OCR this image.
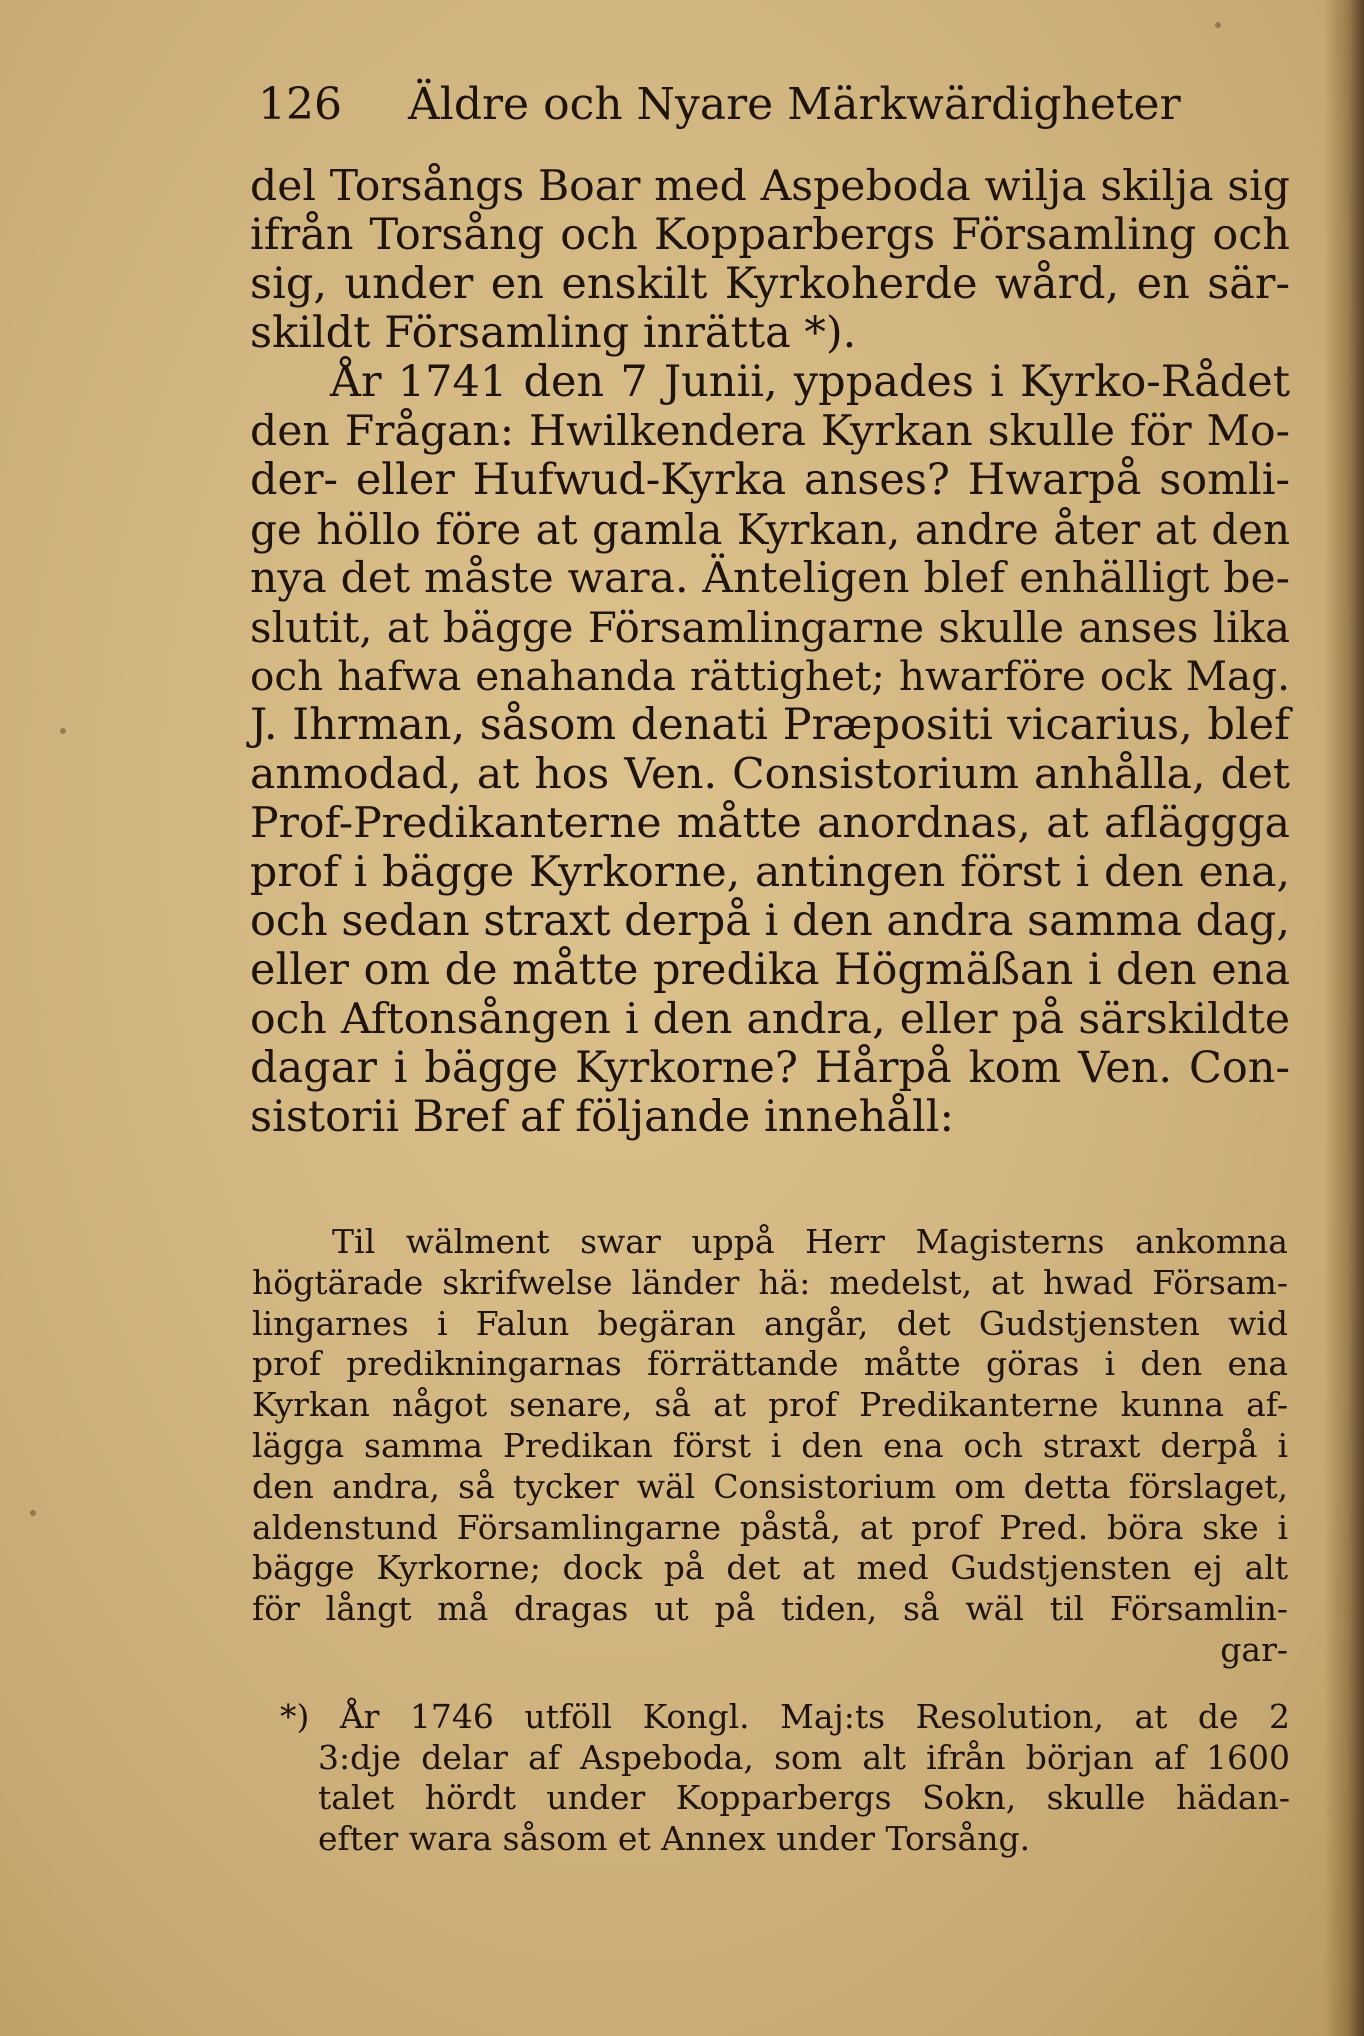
126 Äldre och Nyare Märkwärdigheter
del Torsångs Boar med Aspeboda wilja skilja sig
ifrån Torsång och Kopparbergs Församling och
sig, under en enskilt Kyrkoherde wård, en sär-
skildt Församling inrätta *).
År 1741 den 7 Junii, yppades i Kyrko-Rådet
den Frågan: Hwilkendera Kyrkan skulle för Mo-
der- eller Hufwud-Kyrka anses? Hwarpå somli-
ge höllo före at gamla Kyrkan, andre åter at den
nya det måste wara. Änteligen blef enhälligt be-
slutit, at bägge Församlingarne skulle anses lika
och hafwa enahanda rättighet; hwarföre ock Mag.
J. Ihrman, såsom denati Præpositi vicarius, blef
anmodad, at hos Ven. Consistorium anhålla, det
Prof-Predikanterne måtte anordnas, at afläggga
prof i bägge Kyrkorne, antingen först i den ena,
och sedan straxt derpå i den andra samma dag,
eller om de måtte predika Högmäßan i den ena
och Aftonsången i den andra, eller på särskildte
dagar i bägge Kyrkorne? Hårpå kom Ven. Con-
sistorii Bref af följande innehåll:
Til wälment swar uppå Herr Magisterns ankomna
högtärade skrifwelse länder hä: medelst, at hwad Försam-
lingarnes i Falun begäran angår, det Gudstjensten wid
prof predikningarnas förrättande måtte göras i den ena
Kyrkan något senare, så at prof Predikanterne kunna af-
lägga samma Predikan först i den ena och straxt derpå i
den andra, så tycker wäl Consistorium om detta förslaget,
aldenstund Församlingarne påstå, at prof Pred. böra ske i
bägge Kyrkorne; dock på det at med Gudstjensten ej alt
för långt må dragas ut på tiden, så wäl til Församlin-
gar-
*) År 1746 utföll Kongl. Maj:ts Resolution, at de 2
3:dje delar af Aspeboda, som alt ifrån början af 1600
talet hördt under Kopparbergs Sokn, skulle hädan-
efter wara såsom et Annex under Torsång.
